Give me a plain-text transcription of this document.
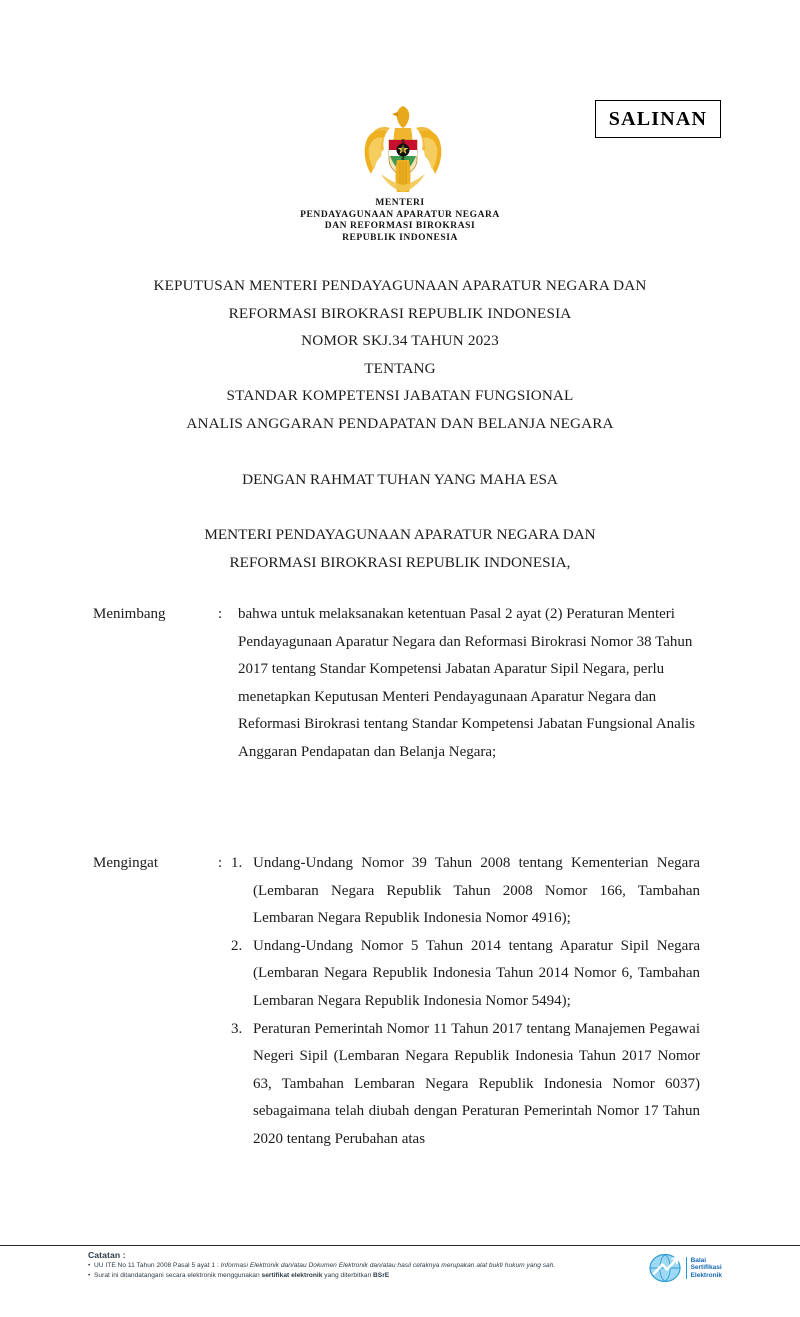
SALINAN
MENTERI
PENDAYAGUNAAN APARATUR NEGARA
DAN REFORMASI BIROKRASI
REPUBLIK INDONESIA
KEPUTUSAN MENTERI PENDAYAGUNAAN APARATUR NEGARA DAN
REFORMASI BIROKRASI REPUBLIK INDONESIA
NOMOR SKJ.34 TAHUN 2023
TENTANG
STANDAR KOMPETENSI JABATAN FUNGSIONAL
ANALIS ANGGARAN PENDAPATAN DAN BELANJA NEGARA
DENGAN RAHMAT TUHAN YANG MAHA ESA
MENTERI PENDAYAGUNAAN APARATUR NEGARA DAN
REFORMASI BIROKRASI REPUBLIK INDONESIA,
Menimbang	:	bahwa untuk melaksanakan ketentuan Pasal 2 ayat (2) Peraturan Menteri Pendayagunaan Aparatur Negara dan Reformasi Birokrasi Nomor 38 Tahun 2017 tentang Standar Kompetensi Jabatan Aparatur Sipil Negara, perlu menetapkan Keputusan Menteri Pendayagunaan Aparatur Negara dan Reformasi Birokrasi tentang Standar Kompetensi Jabatan Fungsional Analis Anggaran Pendapatan dan Belanja Negara;

Mengingat	: 1. Undang-Undang Nomor 39 Tahun 2008 tentang Kementerian Negara (Lembaran Negara Republik Tahun 2008 Nomor 166, Tambahan Lembaran Negara Republik Indonesia Nomor 4916);
2. Undang-Undang Nomor 5 Tahun 2014 tentang Aparatur Sipil Negara (Lembaran Negara Republik Indonesia Tahun 2014 Nomor 6, Tambahan Lembaran Negara Republik Indonesia Nomor 5494);
3. Peraturan Pemerintah Nomor 11 Tahun 2017 tentang Manajemen Pegawai Negeri Sipil (Lembaran Negara Republik Indonesia Tahun 2017 Nomor 63, Tambahan Lembaran Negara Republik Indonesia Nomor 6037) sebagaimana telah diubah dengan Peraturan Pemerintah Nomor 17 Tahun 2020 tentang Perubahan atas
Catatan :
• UU ITE No 11 Tahun 2008 Pasal 5 ayat 1 : Informasi Elektronik dan/atau Dokumen Elektronik dan/atau hasil cetaknya merupakan alat bukti hukum yang sah.
• Surat ini ditandatangani secara elektronik menggunakan sertifikat elektronik yang diterbitkan BSrE
Balai
Sertifikasi
Elektronik
